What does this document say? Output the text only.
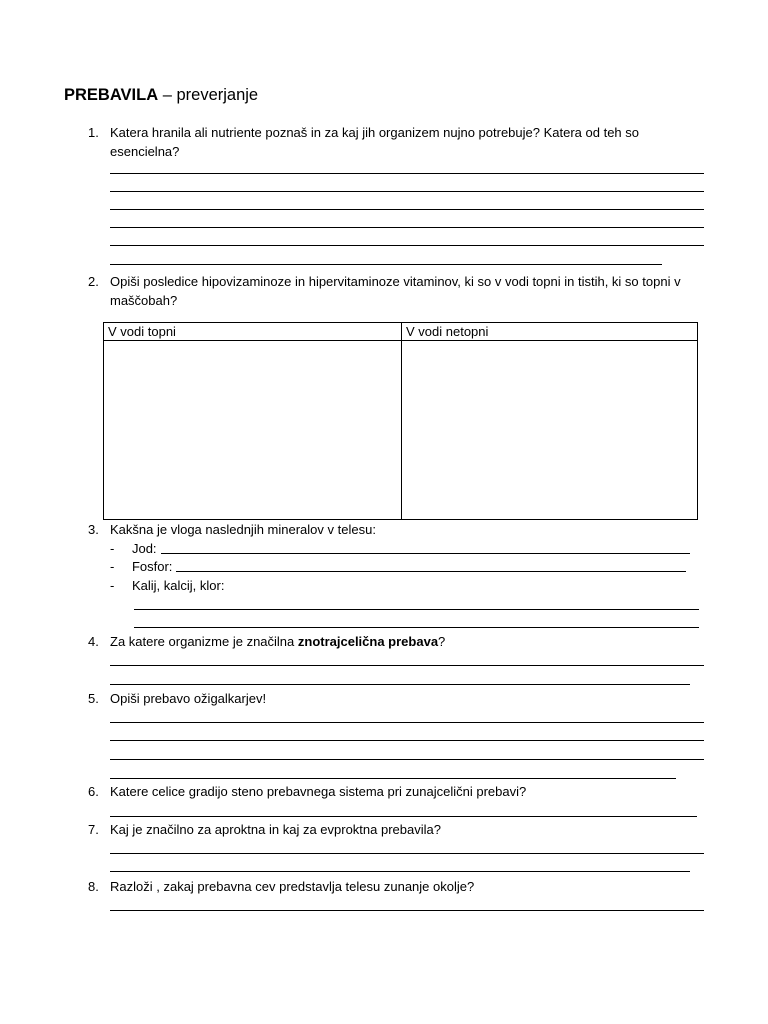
PREBAVILA – preverjanje
1. Katera hranila ali nutriente poznaš in za kaj jih organizem nujno potrebuje? Katera od teh so esencielna?
2. Opiši posledice hipovizaminoze in hipervitaminoze vitaminov, ki so v vodi topni in tistih, ki so topni v maščobah?
V vodi topni	V vodi netopni

3. Kakšna je vloga naslednjih mineralov v telesu:
- Jod:
- Fosfor:
- Kalij, kalcij, klor:
4. Za katere organizme je značilna znotrajcelična prebava?
5. Opiši prebavo ožigalkarjev!
6. Katere celice gradijo steno prebavnega sistema pri zunajcelični prebavi?
7. Kaj je značilno za aproktna in kaj za evproktna prebavila?
8. Razloži , zakaj prebavna cev predstavlja telesu zunanje okolje?
